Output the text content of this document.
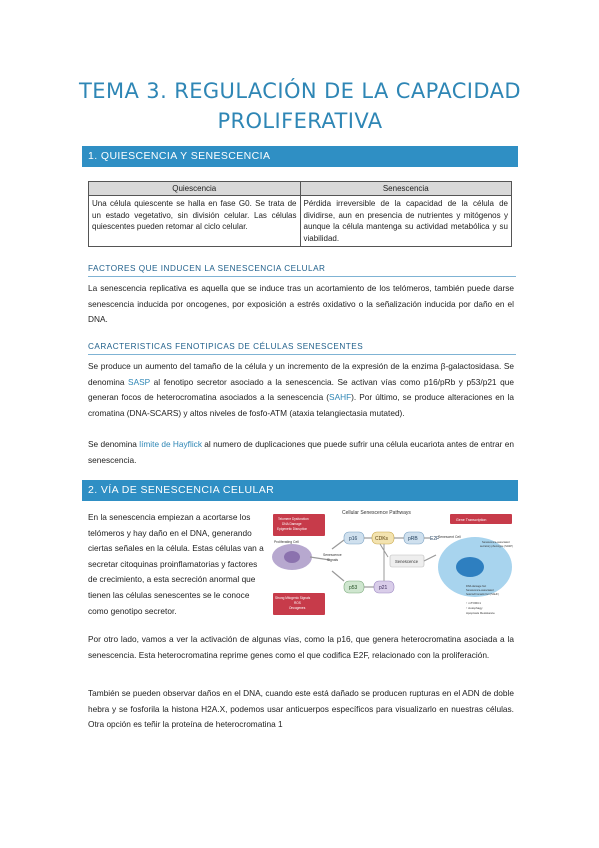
TEMA 3. REGULACIÓN DE LA CAPACIDAD PROLIFERATIVA
1. QUIESCENCIA Y SENESCENCIA
Quiescencia	Senescencia
Una célula quiescente se halla en fase G0. Se trata de un estado vegetativo, sin división celular. Las células quiescentes pueden retomar al ciclo celular.	Pérdida irreversible de la capacidad de la célula de dividirse, aun en presencia de nutrientes y mitógenos y aunque la célula mantenga su actividad metabólica y su viabilidad.
FACTORES QUE INDUCEN LA SENESCENCIA CELULAR

La senescencia replicativa es aquella que se induce tras un acortamiento de los telómeros, también puede darse senescencia inducida por oncogenes, por exposición a estrés oxidativo o la señalización inducida por daño en el DNA.

CARACTERISTICAS FENOTIPICAS DE CÉLULAS SENESCENTES

Se produce un aumento del tamaño de la célula y un incremento de la expresión de la enzima β-galactosidasa. Se denomina SASP al fenotipo secretor asociado a la senescencia. Se activan vías como p16/pRb y p53/p21 que generan focos de heterocromatina asociados a la senescencia (SAHF). Por último, se produce alteraciones en la cromatina (DNA-SCARS) y altos niveles de fosfo-ATM (ataxia telangiectasia mutated).

Se denomina límite de Hayflick al numero de duplicaciones que puede sufrir una célula eucariota antes de entrar en senescencia.

2. VÍA DE SENESCENCIA CELULAR

En la senescencia empiezan a acortarse los telómeros y hay daño en el DNA, generando ciertas señales en la célula. Estas células van a secretar citoquinas proinflamatorias y factores de crecimiento, a esta secreción anormal que tienen las células senescentes se le conoce como genotipo secretor.

Cellular Senescence Pathways
Telomere Dysfunction DNA Damage Epigenetic Disruption
Proliferating Cell
Strong Mitogenic Signals ROS Oncogenes
Senescence Signals
p16	CDKs	pRB E2F
Senescence
p53	p21
Gene Transcription
Senescent Cell
Senescence-associated secretory phenotype (SASP)
DNA damage foci Senescence-associated heterochromatin foci (SAHF)
↑ mTORC1 ↑ Autophagy Apoptosis Resistance

Por otro lado, vamos a ver la activación de algunas vías, como la p16, que genera heterocromatina asociada a la senescencia. Esta heterocromatina reprime genes como el que codifica E2F, relacionado con la proliferación.

También se pueden observar daños en el DNA, cuando este está dañado se producen rupturas en el ADN de doble hebra y se fosforila la histona H2A.X, podemos usar anticuerpos específicos para visualizarlo en nuestras células. Otra opción es teñir la proteína de heterocromatina 1
